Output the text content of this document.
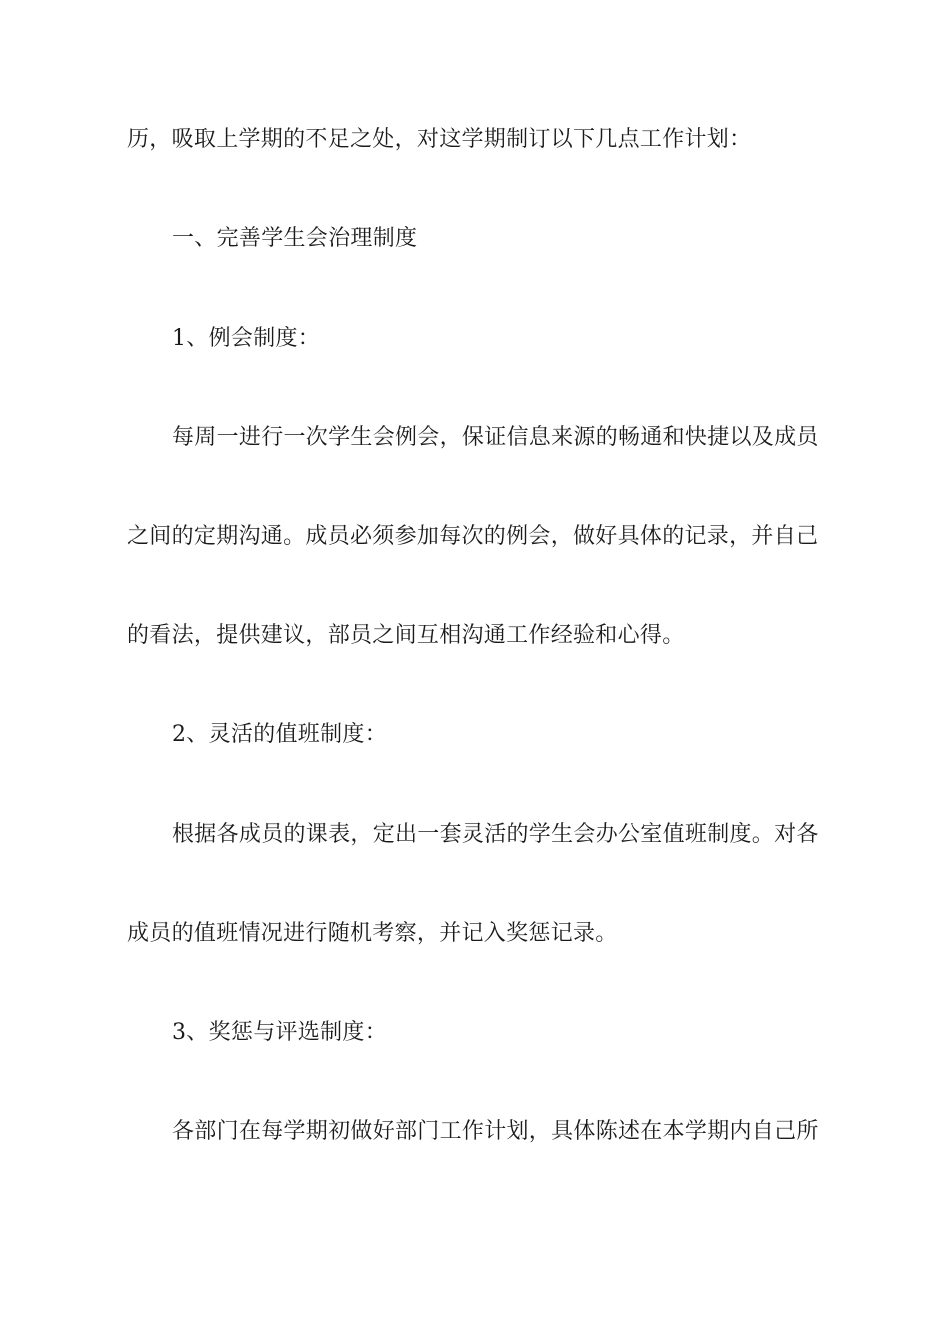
历，吸取上学期的不足之处，对这学期制订以下几点工作计划：
一、完善学生会治理制度
1、例会制度：
每周一进行一次学生会例会，保证信息来源的畅通和快捷以及成员
之间的定期沟通。成员必须参加每次的例会，做好具体的记录，并自己
的看法，提供建议，部员之间互相沟通工作经验和心得。
2、灵活的值班制度：
根据各成员的课表，定出一套灵活的学生会办公室值班制度。对各
成员的值班情况进行随机考察，并记入奖惩记录。
3、奖惩与评选制度：
各部门在每学期初做好部门工作计划，具体陈述在本学期内自己所
